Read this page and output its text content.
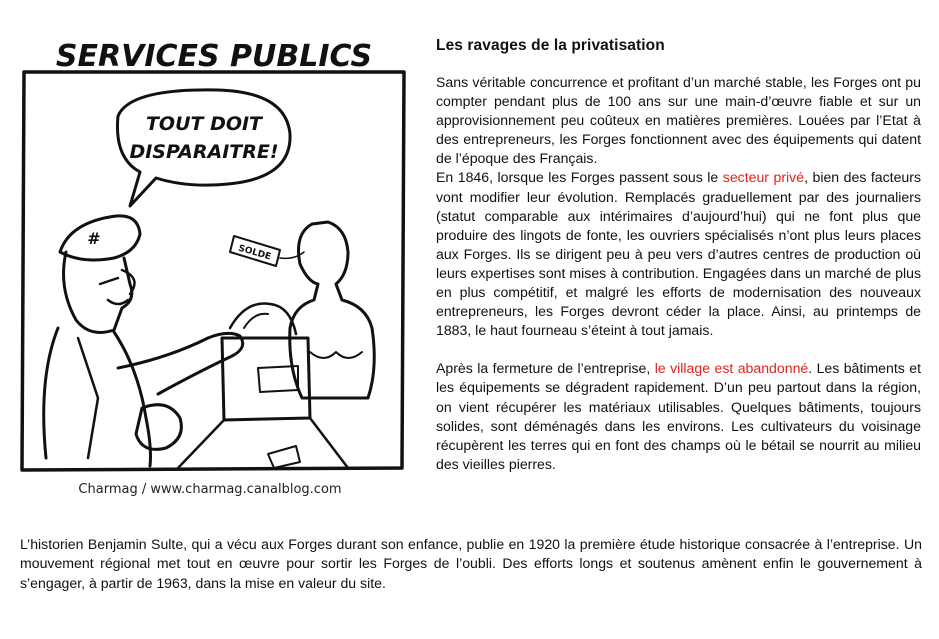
SERVICES PUBLICS
TOUT DOIT
DISPARAITRE!
SOLDE
#
Charmag / www.charmag.canalblog.com
Les ravages de la privatisation

Sans véritable concurrence et profitant d’un marché stable, les Forges ont pu compter pendant plus de 100 ans sur une main-d’œuvre fiable et sur un approvisionnement peu coûteux en matières premières. Louées par l’Etat à des entrepreneurs, les Forges fonctionnent avec des équipements qui datent de l’époque des Français.
En 1846, lorsque les Forges passent sous le secteur privé, bien des facteurs vont modifier leur évolution. Remplacés graduellement par des journaliers (statut comparable aux intérimaires d’aujourd’hui) qui ne font plus que produire des lingots de fonte, les ouvriers spécialisés n’ont plus leurs places aux Forges. Ils se dirigent peu à peu vers d’autres centres de production où leurs expertises sont mises à contribution. Engagées dans un marché de plus en plus compétitif, et malgré les efforts de modernisation des nouveaux entrepreneurs, les Forges devront céder la place. Ainsi, au printemps de 1883, le haut fourneau s’éteint à tout jamais.

Après la fermeture de l’entreprise, le village est abandonné. Les bâtiments et les équipements se dégradent rapidement. D’un peu partout dans la région, on vient récupérer les matériaux utilisables. Quelques bâtiments, toujours solides, sont déménagés dans les environs. Les cultivateurs du voisinage récupèrent les terres qui en font des champs où le bétail se nourrit au milieu des vieilles pierres.

L’historien Benjamin Sulte, qui a vécu aux Forges durant son enfance, publie en 1920 la première étude historique consacrée à l’entreprise. Un mouvement régional met tout en œuvre pour sortir les Forges de l’oubli. Des efforts longs et soutenus amènent enfin le gouvernement à s’engager, à partir de 1963, dans la mise en valeur du site.
